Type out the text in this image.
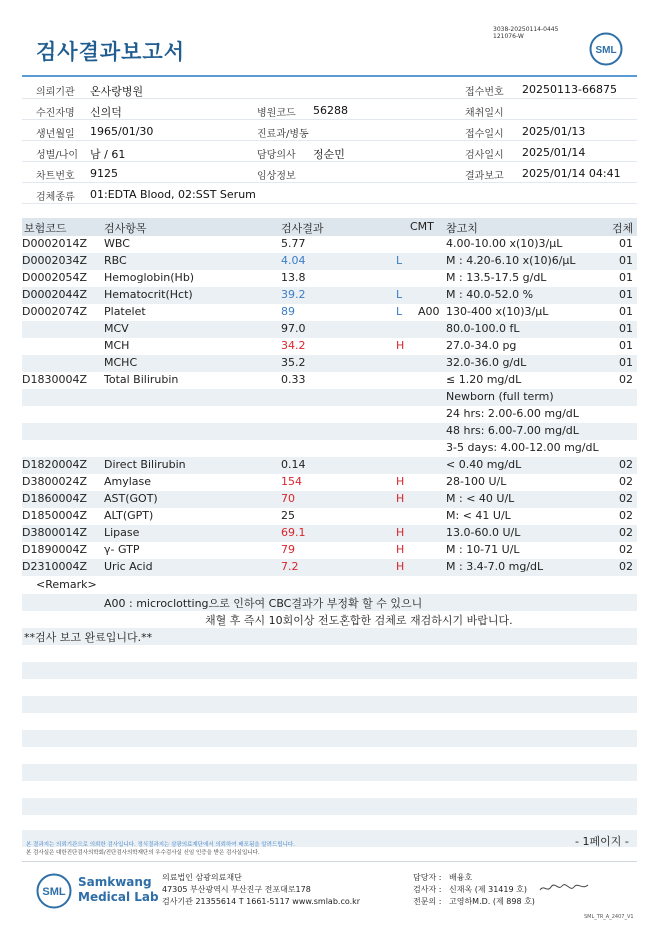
3038-20250114-0445
121076-W
검사결과보고서	SML
의뢰기관 온사랑병원	접수번호 20250113-66875
수진자명 신의덕	병원코드 56288	채취일시
생년월일 1965/01/30	진료과/병동	접수일시 2025/01/13
성별/나이 남 / 61	담당의사 정순민	검사일시 2025/01/14
차트번호 9125	임상정보	결과보고 2025/01/14 04:41
검체종류 01:EDTA Blood, 02:SST Serum
보험코드	검사항목	검사결과	CMT 참고치	검체
D0002014Z WBC	5.77	4.00-10.00 x(10)3/μL	01
D0002034Z RBC	4.04	L	M : 4.20-6.10 x(10)6/μL	01
D0002054Z Hemoglobin(Hb)	13.8	M : 13.5-17.5 g/dL	01
D0002044Z Hematocrit(Hct)	39.2	L	M : 40.0-52.0 %	01
D0002074Z Platelet	89	L A00 130-400 x(10)3/μL	01
MCV	97.0	80.0-100.0 fL	01
MCH	34.2	H	27.0-34.0 pg	01
MCHC	35.2	32.0-36.0 g/dL	01
D1830004Z Total Bilirubin	0.33	≤ 1.20 mg/dL	02
Newborn (full term)
24 hrs: 2.00-6.00 mg/dL
48 hrs: 6.00-7.00 mg/dL
3-5 days: 4.00-12.00 mg/dL
D1820004Z Direct Bilirubin	0.14	< 0.40 mg/dL	02
D3800024Z Amylase	154	H	28-100 U/L	02
D1860004Z AST(GOT)	70	H	M : < 40 U/L	02
D1850004Z ALT(GPT)	25	M: < 41 U/L	02
D3800014Z Lipase	69.1	H	13.0-60.0 U/L	02
D1890004Z γ- GTP	79	H	M : 10-71 U/L	02
D2310004Z Uric Acid	7.2	H	M : 3.4-7.0 mg/dL	02
<Remark>
A00 : microclotting으로 인하여 CBC결과가 부정확 할 수 있으니
채혈 후 즉시 10회이상 전도혼합한 검체로 재검하시기 바랍니다.
**검사 보고 완료입니다.**
- 1페이지 -
본 결과지는 의뢰기관으로 의뢰한 검사입니다. 정식결과지는 삼광의료재단에서 의뢰하여 배포됨을 알려드립니다.
본 검사실은 대한진단검사의학회/진단검사의학재단의 우수검사실 신임 인증을 받은 검사실입니다.
SML
Samkwang
Medical Lab
의료법인 삼광의료재단
47305 부산광역시 부산진구 전포대로178
검사기관 21355614 T 1661-5117 www.smlab.co.kr
담당자 : 배융호
검사자 : 신재옥 (제 31419 호)
전문의 : 고영하M.D. (제 898 호)
SML_TR_A_2407_V1
